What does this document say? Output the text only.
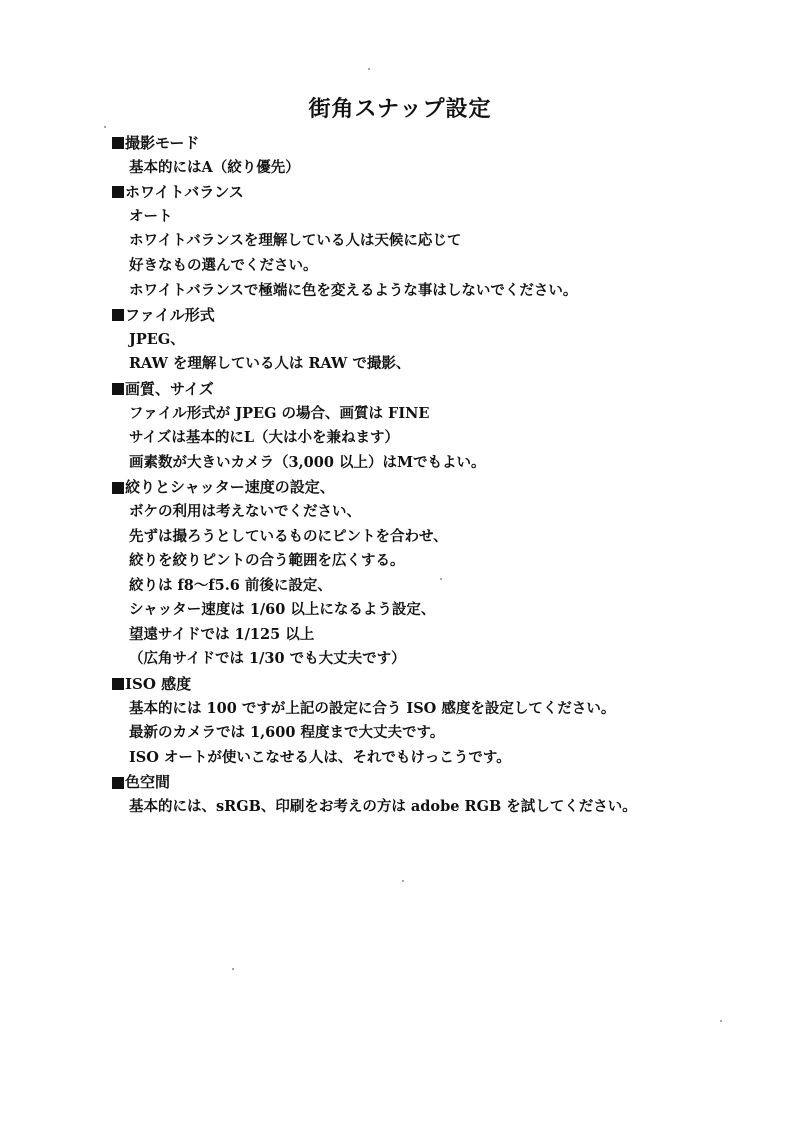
街角スナップ設定
撮影モード
基本的にはA（絞り優先）
ホワイトバランス
オート
ホワイトバランスを理解している人は天候に応じて
好きなもの選んでください。
ホワイトバランスで極端に色を変えるような事はしないでください。
ファイル形式
JPEG、
RAW を理解している人は RAW で撮影、
画質、サイズ
ファイル形式が JPEG の場合、画質は FINE
サイズは基本的にL（大は小を兼ねます）
画素数が大きいカメラ（3,000 以上）はMでもよい。
絞りとシャッター速度の設定、
ボケの利用は考えないでください、
先ずは撮ろうとしているものにピントを合わせ、
絞りを絞りピントの合う範囲を広くする。
絞りは f8〜f5.6 前後に設定、
シャッター速度は 1/60 以上になるよう設定、
望遠サイドでは 1/125 以上
（広角サイドでは 1/30 でも大丈夫です）
ISO 感度
基本的には 100 ですが上記の設定に合う ISO 感度を設定してください。
最新のカメラでは 1,600 程度まで大丈夫です。
ISO オートが使いこなせる人は、それでもけっこうです。
色空間
基本的には、sRGB、印刷をお考えの方は adobe RGB を試してください。
